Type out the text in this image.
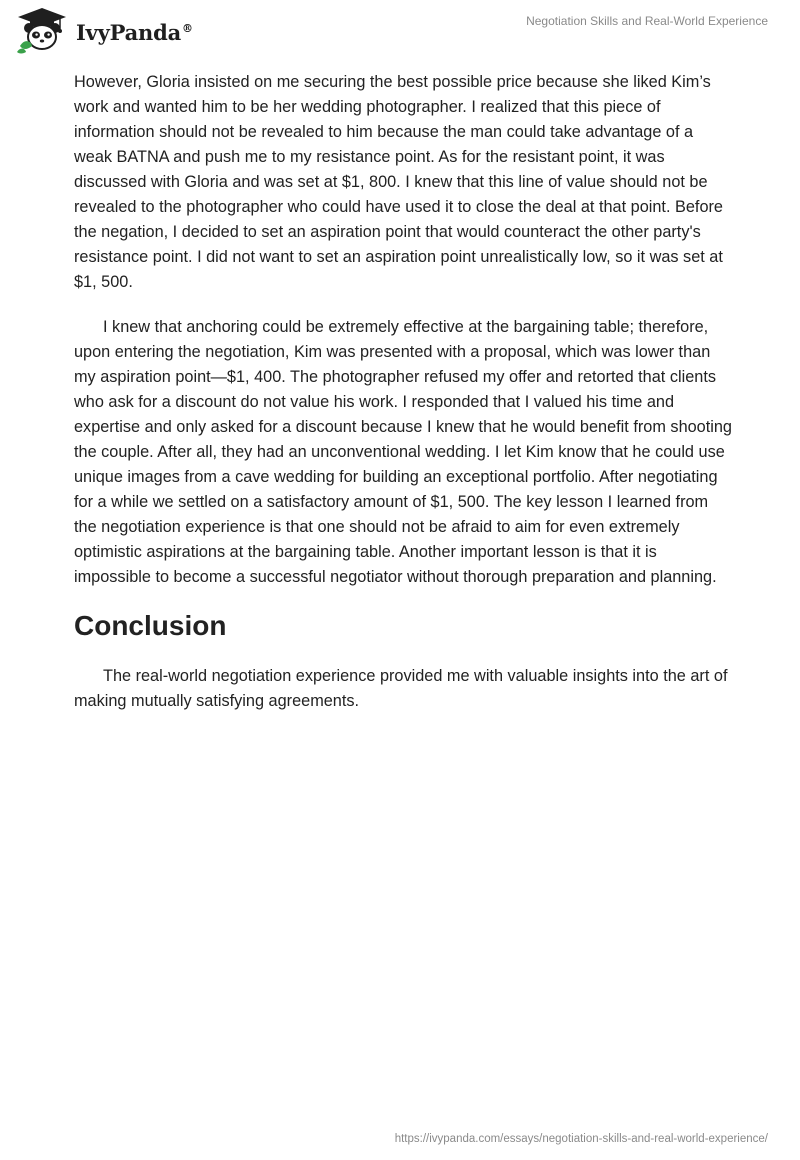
IvyPanda®	Negotiation Skills and Real-World Experience

However, Gloria insisted on me securing the best possible price because she liked Kim’s work and wanted him to be her wedding photographer. I realized that this piece of information should not be revealed to him because the man could take advantage of a weak BATNA and push me to my resistance point. As for the resistant point, it was discussed with Gloria and was set at $1, 800. I knew that this line of value should not be revealed to the photographer who could have used it to close the deal at that point. Before the negation, I decided to set an aspiration point that would counteract the other party's resistance point. I did not want to set an aspiration point unrealistically low, so it was set at $1, 500.

I knew that anchoring could be extremely effective at the bargaining table; therefore, upon entering the negotiation, Kim was presented with a proposal, which was lower than my aspiration point—$1, 400. The photographer refused my offer and retorted that clients who ask for a discount do not value his work. I responded that I valued his time and expertise and only asked for a discount because I knew that he would benefit from shooting the couple. After all, they had an unconventional wedding. I let Kim know that he could use unique images from a cave wedding for building an exceptional portfolio. After negotiating for a while we settled on a satisfactory amount of $1, 500. The key lesson I learned from the negotiation experience is that one should not be afraid to aim for even extremely optimistic aspirations at the bargaining table. Another important lesson is that it is impossible to become a successful negotiator without thorough preparation and planning.

Conclusion

The real-world negotiation experience provided me with valuable insights into the art of making mutually satisfying agreements.

https://ivypanda.com/essays/negotiation-skills-and-real-world-experience/
